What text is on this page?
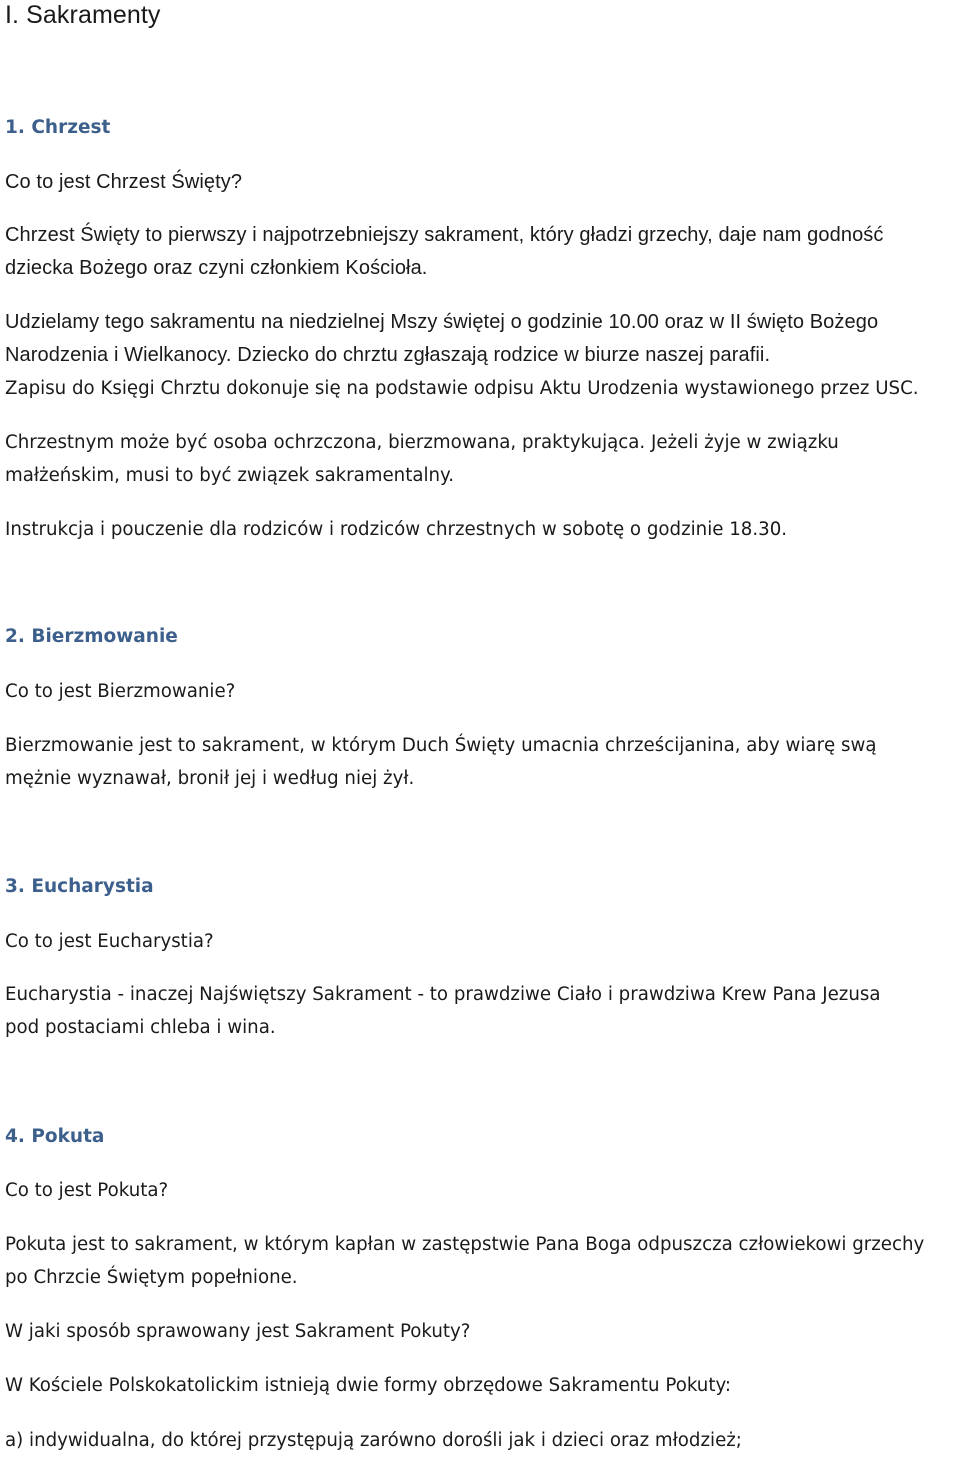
I. Sakramenty

1. Chrzest

Co to jest Chrzest Święty?

Chrzest Święty to pierwszy i najpotrzebniejszy sakrament, który gładzi grzechy, daje nam godność

dziecka Bożego oraz czyni członkiem Kościoła.

Udzielamy tego sakramentu na niedzielnej Mszy świętej o godzinie 10.00 oraz w II święto Bożego

Narodzenia i Wielkanocy. Dziecko do chrztu zgłaszają rodzice w biurze naszej parafii.

Zapisu do Księgi Chrztu dokonuje się na podstawie odpisu Aktu Urodzenia wystawionego przez USC.

Chrzestnym może być osoba ochrzczona, bierzmowana, praktykująca. Jeżeli żyje w związku

małżeńskim, musi to być związek sakramentalny.

Instrukcja i pouczenie dla rodziców i rodziców chrzestnych w sobotę o godzinie 18.30.

2. Bierzmowanie

Co to jest Bierzmowanie?

Bierzmowanie jest to sakrament, w którym Duch Święty umacnia chrześcijanina, aby wiarę swą

mężnie wyznawał, bronił jej i według niej żył.

3. Eucharystia

Co to jest Eucharystia?

Eucharystia - inaczej Najświętszy Sakrament - to prawdziwe Ciało i prawdziwa Krew Pana Jezusa

pod postaciami chleba i wina.

4. Pokuta

Co to jest Pokuta?

Pokuta jest to sakrament, w którym kapłan w zastępstwie Pana Boga odpuszcza człowiekowi grzechy

po Chrzcie Świętym popełnione.

W jaki sposób sprawowany jest Sakrament Pokuty?

W Kościele Polskokatolickim istnieją dwie formy obrzędowe Sakramentu Pokuty:

a) indywidualna, do której przystępują zarówno dorośli jak i dzieci oraz młodzież;
